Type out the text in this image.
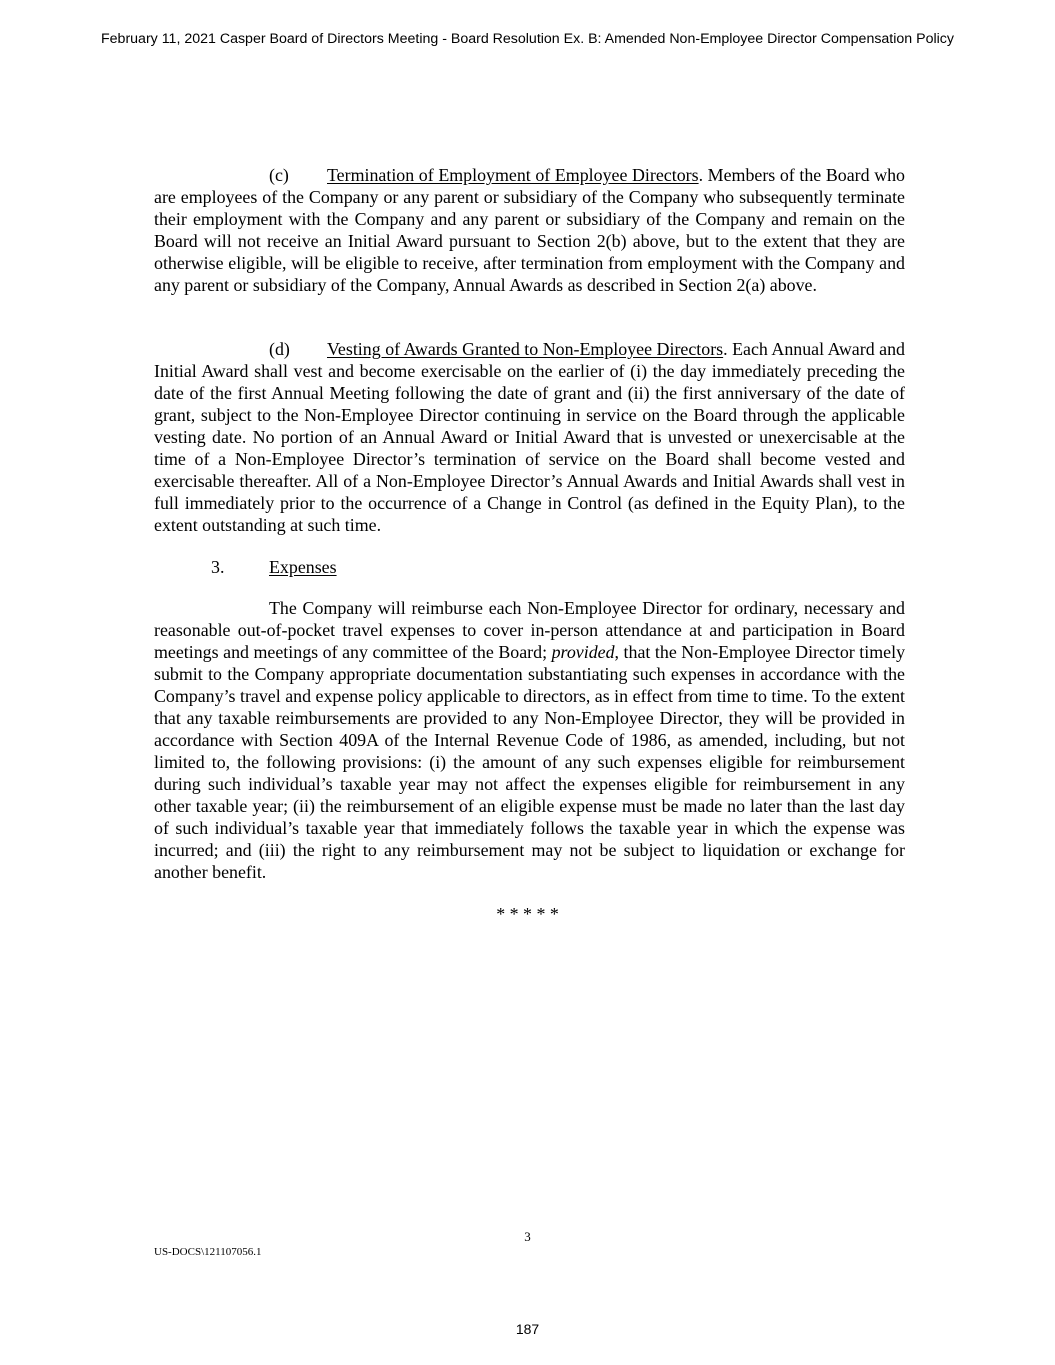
February 11, 2021 Casper Board of Directors Meeting - Board Resolution Ex. B: Amended Non-Employee Director Compensation Policy

(c) Termination of Employment of Employee Directors. Members of the Board who are employees of the Company or any parent or subsidiary of the Company who subsequently terminate their employment with the Company and any parent or subsidiary of the Company and remain on the Board will not receive an Initial Award pursuant to Section 2(b) above, but to the extent that they are otherwise eligible, will be eligible to receive, after termination from employment with the Company and any parent or subsidiary of the Company, Annual Awards as described in Section 2(a) above.

(d) Vesting of Awards Granted to Non-Employee Directors. Each Annual Award and Initial Award shall vest and become exercisable on the earlier of (i) the day immediately preceding the date of the first Annual Meeting following the date of grant and (ii) the first anniversary of the date of grant, subject to the Non-Employee Director continuing in service on the Board through the applicable vesting date. No portion of an Annual Award or Initial Award that is unvested or unexercisable at the time of a Non-Employee Director’s termination of service on the Board shall become vested and exercisable thereafter. All of a Non-Employee Director’s Annual Awards and Initial Awards shall vest in full immediately prior to the occurrence of a Change in Control (as defined in the Equity Plan), to the extent outstanding at such time.

3. Expenses

The Company will reimburse each Non-Employee Director for ordinary, necessary and reasonable out-of-pocket travel expenses to cover in-person attendance at and participation in Board meetings and meetings of any committee of the Board; provided, that the Non-Employee Director timely submit to the Company appropriate documentation substantiating such expenses in accordance with the Company’s travel and expense policy applicable to directors, as in effect from time to time. To the extent that any taxable reimbursements are provided to any Non-Employee Director, they will be provided in accordance with Section 409A of the Internal Revenue Code of 1986, as amended, including, but not limited to, the following provisions: (i) the amount of any such expenses eligible for reimbursement during such individual’s taxable year may not affect the expenses eligible for reimbursement in any other taxable year; (ii) the reimbursement of an eligible expense must be made no later than the last day of such individual’s taxable year that immediately follows the taxable year in which the expense was incurred; and (iii) the right to any reimbursement may not be subject to liquidation or exchange for another benefit.

* * * * *
3
US-DOCS\121107056.1
187
